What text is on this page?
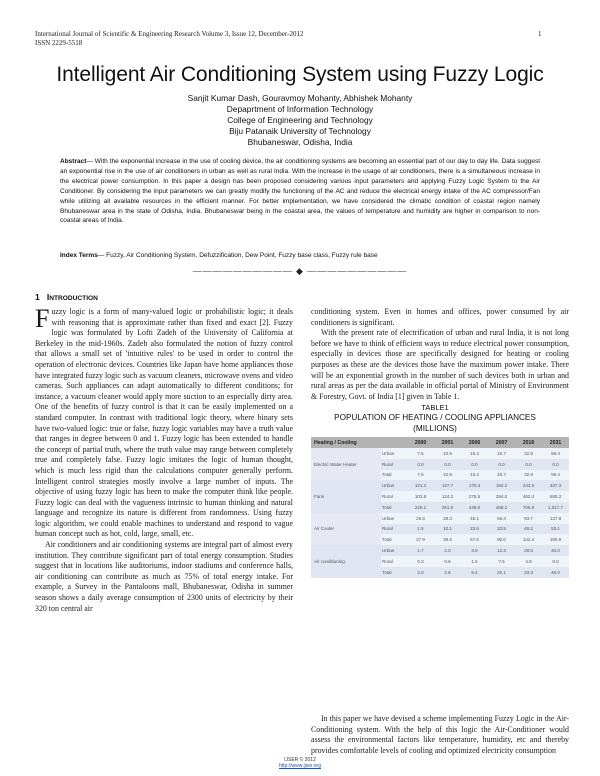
International Journal of Scientific & Engineering Research Volume 3, Issue 12, December-2012
ISSN 2229-5518
1
Intelligent Air Conditioning System using Fuzzy Logic
Sanjit Kumar Dash, Gouravmoy Mohanty, Abhishek Mohanty
Depaprtment of Information Technology
College of Engineering and Technology
Biju Patanaik University of Technology
Bhubaneswar, Odisha, India
Abstract— With the exponential increase in the use of cooling device, the air conditioning systems are becoming an essential part of our day to day life. Data suggest an exponential rise in the use of air conditioners in urban as well as rural India. With the increase in the usage of air conditioners, there is a simultaneous increase in the electrical power consumption. In this paper a design has been proposed considering various input parameters and applying Fuzzy Logic System to the Air Conditioner. By considering the input parameters we can greatly modify the functioning of the AC and reduce the electrical energy intake of the AC compressor/Fan while utilizing all available resources in the efficient manner. For better implementation, we have considered the climatic condition of coastal region namely Bhubaneswar area in the state of Odisha, India. Bhubaneswar being in the coastal area, the values of temperature and humidity are higher in comparison to non-coastal areas of India.
Index Terms— Fuzzy, Air Conditioning System, Defuzzification, Dew Point, Fuzzy base class, Fuzzy rule base
—————————— ◆ ——————————
1 INTRODUCTION

Fuzzy logic is a form of many-valued logic or probabilistic logic; it deals with reasoning that is approximate rather than fixed and exact [2]. Fuzzy logic was formulated by Lofti Zadeh of the University of California at Berkeley in the mid-1960s. Zadeh also formulated the notion of fuzzy control that allows a small set of 'intuitive rules' to be used in order to control the operation of electronic devices. Countries like Japan have home appliances those have integrated fuzzy logic such as vacuum cleaners, microwave ovens and video cameras. Such appliances can adapt automatically to different conditions; for instance, a vacuum cleaner would apply more suction to an especially dirty area. One of the benefits of fuzzy control is that it can be easily implemented on a standard computer. In contrast with traditional logic theory, where binary sets have two-valued logic: true or false, fuzzy logic variables may have a truth value that ranges in degree between 0 and 1. Fuzzy logic has been extended to handle the concept of partial truth, where the truth value may range between completely true and completely false. Fuzzy logic imitates the logic of human thought, which is much less rigid than the calculations computer generally perform. Intelligent control strategies mostly involve a large number of inputs. The objective of using fuzzy logic has been to make the computer think like people. Fuzzy logic can deal with the vagueness intrinsic to human thinking and natural language and recognize its nature is different from randomness. Using fuzzy logic algorithm, we could enable machines to understand and respond to vague human concept such as hot, cold, large, small, etc.

Air conditioners and air conditioning systems are integral part of almost every institution. They contribute significant part of total energy consumption. Studies suggest that in locations like auditoriums, indoor stadiums and conference halls, air conditioning can contribute as much as 75% of total energy intake. For example, a Survey in the Pantaloons mall, Bhubaneswar, Odisha in summer season shows a daily average consumption of 2300 units of electricity by their 320 ton central air

conditioning system. Even in homes and offices, power consumed by air conditioners is significant.

With the present rate of electrification of urban and rural India, it is not long before we have to think of efficient ways to reduce electrical power consumption, especially in devices those are specifically designed for heating or cooling purposes as these are the devices those have the maximum power intake. There will be an exponential growth in the number of such devices both in urban and rural areas as per the data available in official portal of Ministry of Environment & Forestry, Govt. of India [1] given in Table 1.

TABLE1
POPULATION OF HEATING / COOLING APPLIANCES
(MILLIONS)
Heating / Cooling		2000	2001	2006	2007	2016	2031
Electric Water Heater	Urban	7.6	10.9	15.4	15.7	32.9	59.4
	Rural	0.0	0.0	0.0	0.0	0.0	0.0
	Total	7.6	10.9	15.4	15.7	32.9	59.4
Fans	Urban	121.3	137.7	170.4	184.2	243.5	337.3
	Rural	103.8	124.2	278.5	284.0	462.4	680.3
	Total	225.1	261.9	449.0	468.2	705.9	1,017.7
Air Cooler	Urban	26.6	28.3	45.1	56.4	93.7	137.8
	Rural	1.5	10.1	23.5	33.5	49.2	53.1
	Total	27.9	38.5	67.6	90.0	142.4	190.9
Air conditioning	Urban	1.7	2.0	3.9	12.3	28.5	40.0
	Rural	0.3	0.6	1.5	7.6	4.8	8.0
	Total	2.0	2.6	5.4	20.1	33.3	48.0

In this paper we have devised a scheme implementing Fuzzy Logic in the Air- Conditioning system. With the help of this logic the Air-Conditioner would assess the environmental factors like temperature, humidity, etc and thereby provides comfortable levels of cooling and optimized electricity consumption

IJSER © 2012
http://www.ijser.org
